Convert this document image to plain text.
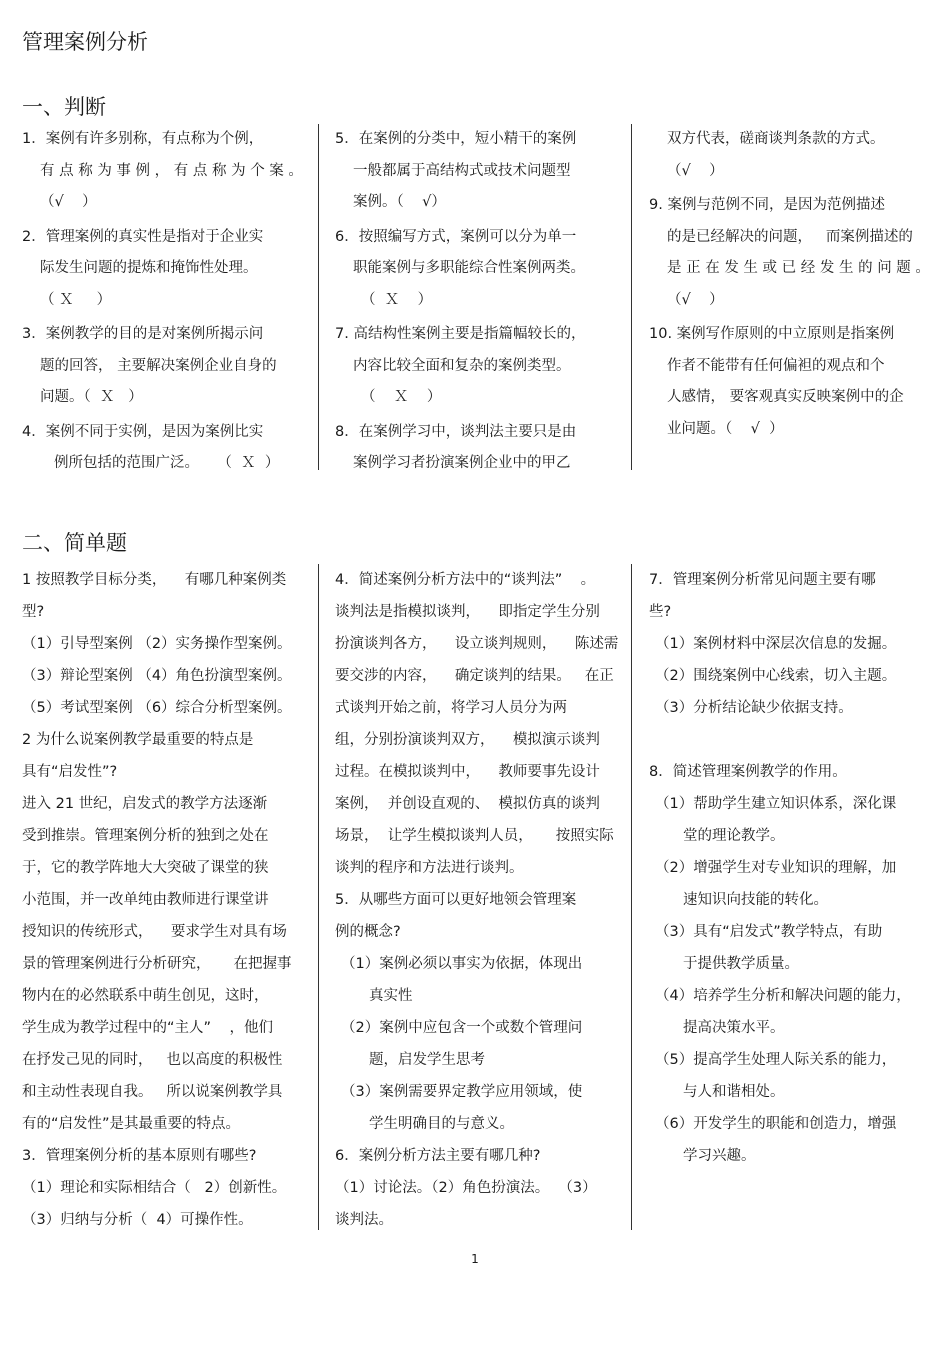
管理案例分析
一、判断
1．案例有许多别称，有点称为个例，
有 点 称 为 事 例 ， 有 点 称 为 个 案 。
（√    ）
2．管理案例的真实性是指对于企业实
际发生问题的提炼和掩饰性处理。
（ Ｘ     ）
3．案例教学的目的是对案例所揭示问
题的回答， 主要解决案例企业自身的
问题。（  Ｘ   ）
4．案例不同于实例，是因为案例比实
例所包括的范围广泛。    （  Ｘ  ）
5．在案例的分类中，短小精干的案例
一般都属于高结构式或技术问题型
案例。（    √）
6．按照编写方式，案例可以分为单一
职能案例与多职能综合性案例两类。
（  Ｘ    ）
7. 高结构性案例主要是指篇幅较长的，
内容比较全面和复杂的案例类型。
（    Ｘ    ）
8．在案例学习中，谈判法主要只是由
案例学习者扮演案例企业中的甲乙
双方代表，磋商谈判条款的方式。
（√    ）
9. 案例与范例不同，是因为范例描述
的是已经解决的问题，   而案例描述的
是 正 在 发 生 或 已 经 发 生 的 问 题 。
（√    ）
10. 案例写作原则的中立原则是指案例
作者不能带有任何偏袒的观点和个
人感情， 要客观真实反映案例中的企
业问题。（    √  ）
二、简单题
1 按照教学目标分类，    有哪几种案例类
型?
（1）引导型案例 （2）实务操作型案例。
（3）辩论型案例 （4）角色扮演型案例。
（5）考试型案例 （6）综合分析型案例。
2 为什么说案例教学最重要的特点是
具有“启发性”?
进入 21 世纪，启发式的教学方法逐渐
受到推崇。管理案例分析的独到之处在
于，它的教学阵地大大突破了课堂的狭
小范围，并一改单纯由教师进行课堂讲
授知识的传统形式，    要求学生对具有场
景的管理案例进行分析研究，     在把握事
物内在的必然联系中萌生创见，这时，
学生成为教学过程中的“主人”    ，他们
在抒发己见的同时，   也以高度的积极性
和主动性表现自我。   所以说案例教学具
有的“启发性”是其最重要的特点。
3．管理案例分析的基本原则有哪些?
（1）理论和实际相结合（   2）创新性。
（3）归纳与分析（  4）可操作性。
4．简述案例分析方法中的“谈判法”    。
谈判法是指模拟谈判，    即指定学生分别
扮演谈判各方，    设立谈判规则，    陈述需
要交涉的内容，    确定谈判的结果。   在正
式谈判开始之前，将学习人员分为两
组，分别扮演谈判双方，    模拟演示谈判
过程。在模拟谈判中，    教师要事先设计
案例，  并创设直观的、  模拟仿真的谈判
场景，  让学生模拟谈判人员，     按照实际
谈判的程序和方法进行谈判。
5．从哪些方面可以更好地领会管理案
例的概念?
（1）案例必须以事实为依据，体现出
真实性
（2）案例中应包含一个或数个管理问
题，启发学生思考
（3）案例需要界定教学应用领域，使
学生明确目的与意义。
6．案例分析方法主要有哪几种?
（1）讨论法。（2）角色扮演法。  （3）
谈判法。
7．管理案例分析常见问题主要有哪
些?
（1）案例材料中深层次信息的发掘。
（2）围绕案例中心线索，切入主题。
（3）分析结论缺少依据支持。
8．简述管理案例教学的作用。
（1）帮助学生建立知识体系，深化课
堂的理论教学。
（2）增强学生对专业知识的理解，加
速知识向技能的转化。
（3）具有“启发式”教学特点，有助
于提供教学质量。
（4）培养学生分析和解决问题的能力，
提高决策水平。
（5）提高学生处理人际关系的能力，
与人和谐相处。
（6）开发学生的职能和创造力，增强
学习兴趣。
1
